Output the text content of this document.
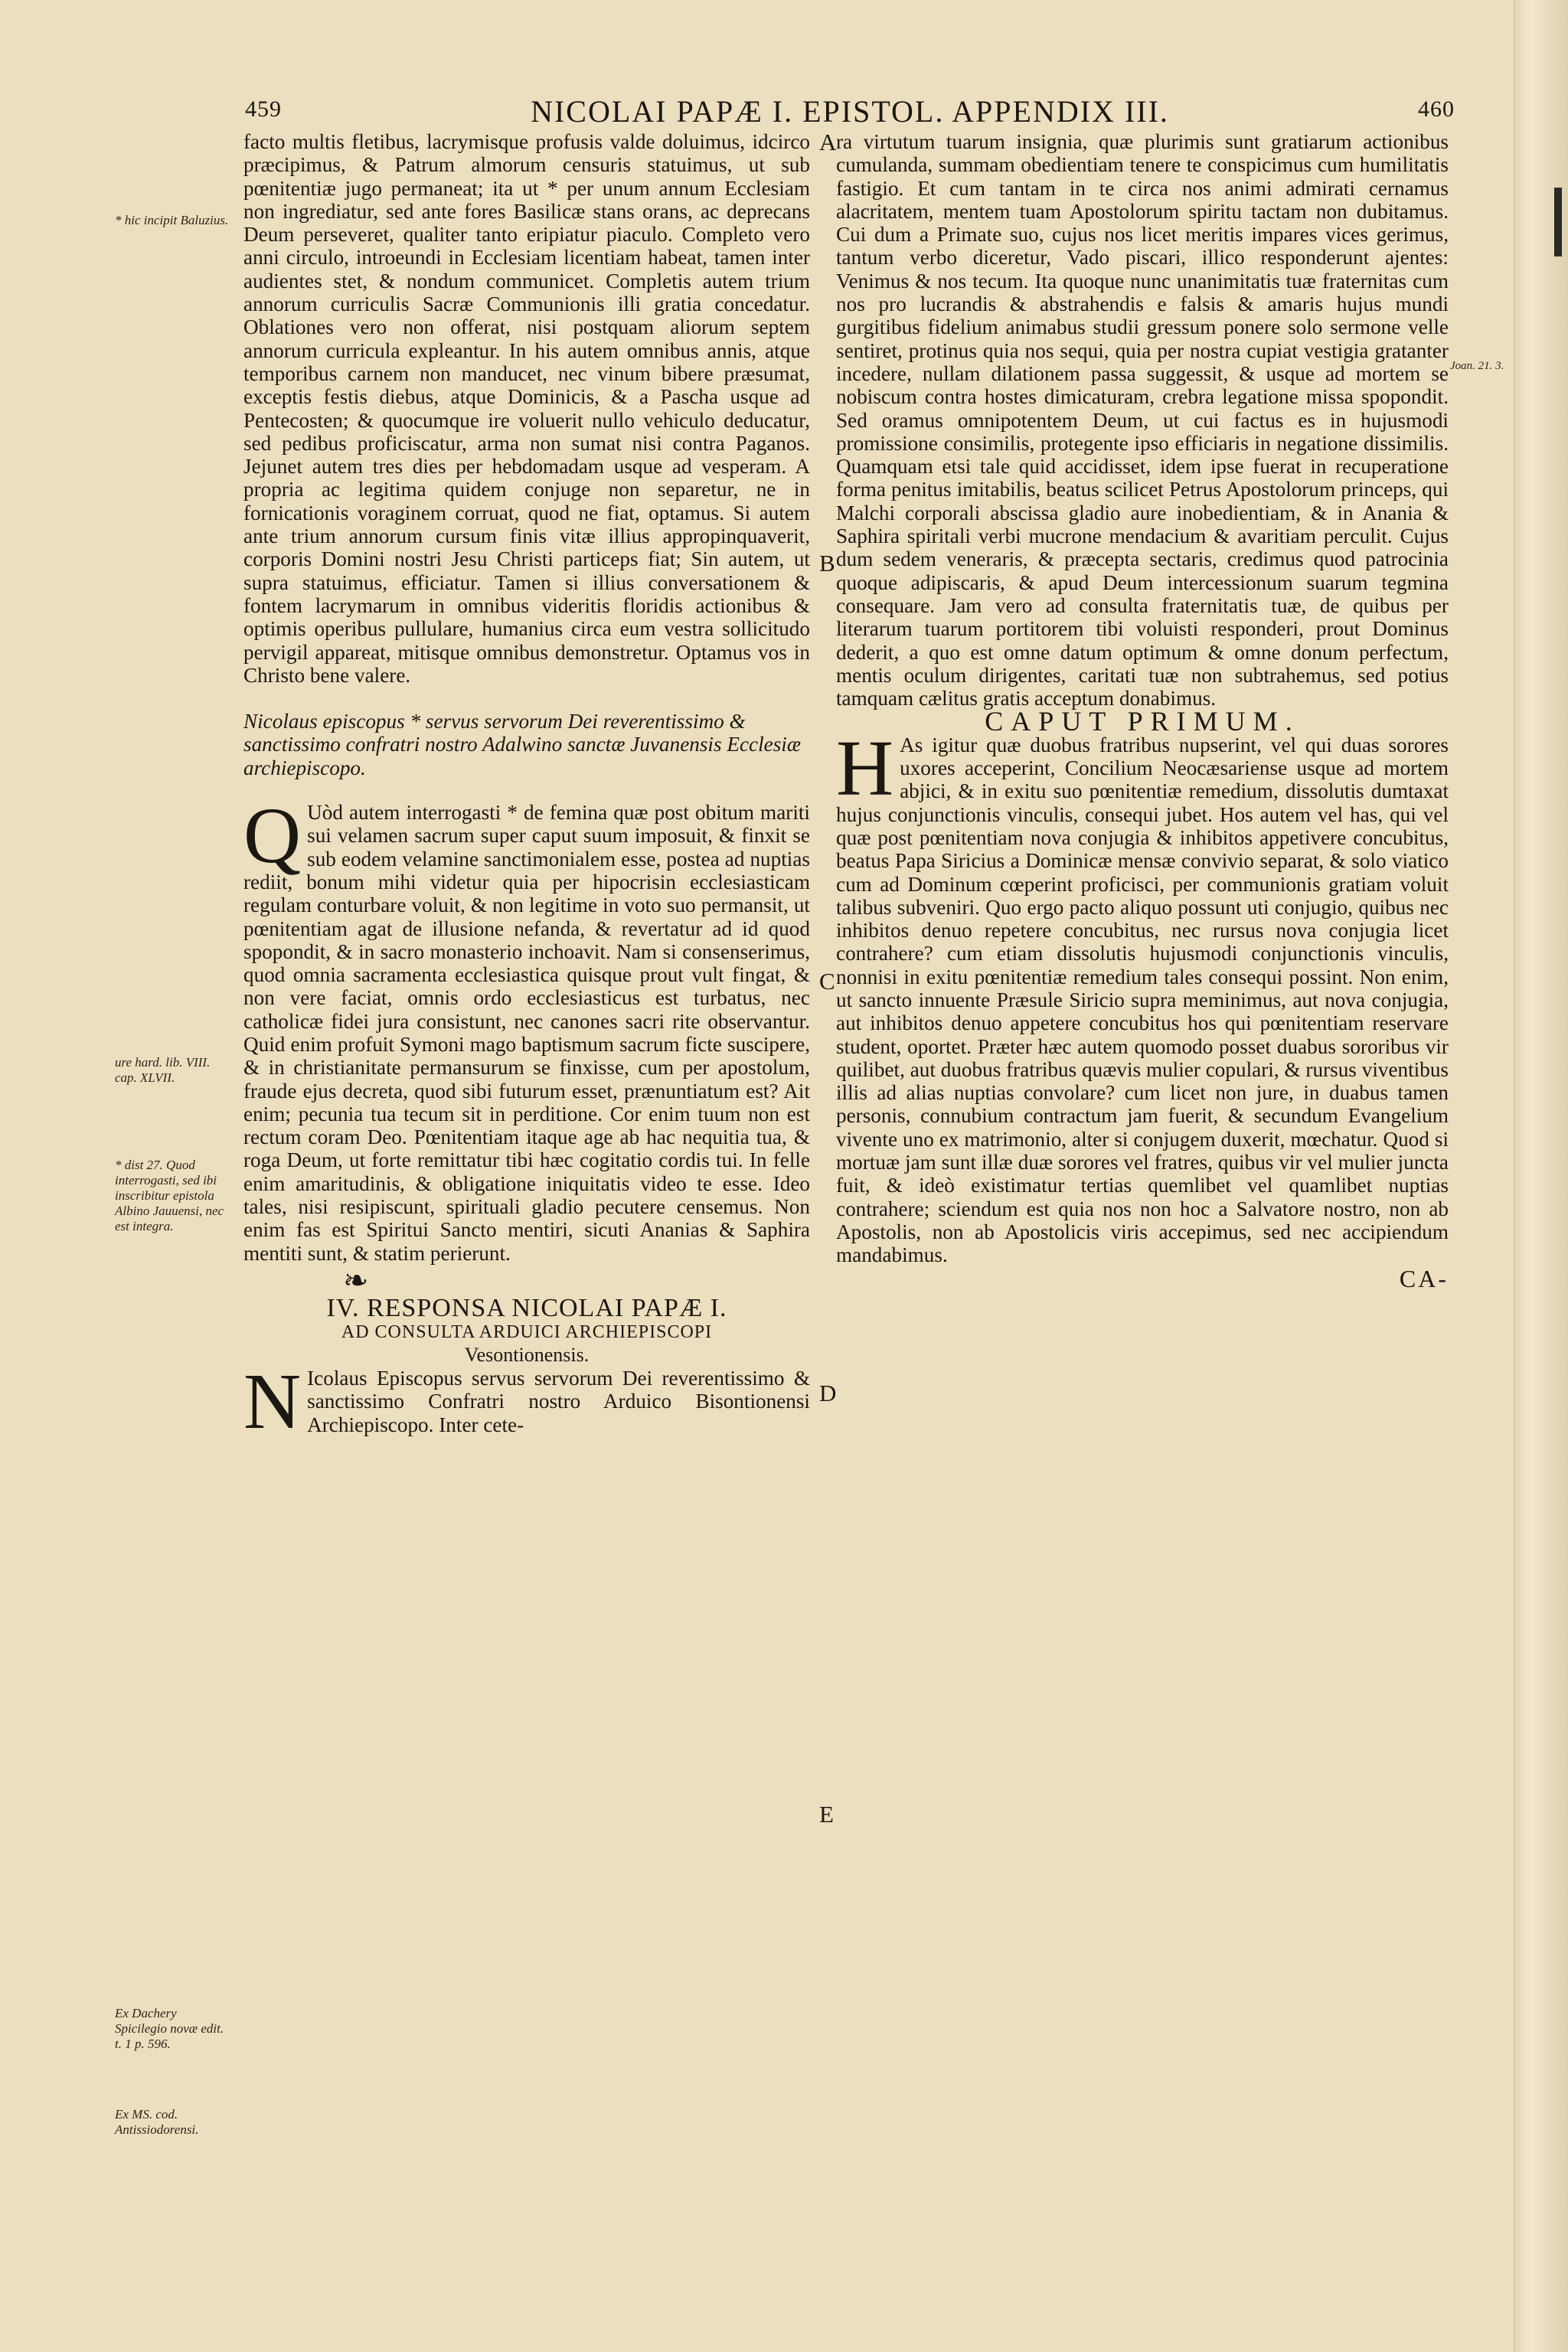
459	NICOLAI PAPÆ I. EPISTOL. APPENDIX III.	460

facto multis fletibus, lacrymisque profusis valde doluimus, idcirco præcipimus, & Patrum almorum censuris statuimus, ut sub pœnitentiæ jugo permaneat; ita ut * per unum annum Ecclesiam non ingrediatur, sed ante fores Basilicæ stans orans, ac deprecans Deum perseveret, qualiter tanto eripiatur piaculo. Completo vero anni circulo, introeundi in Ecclesiam licentiam habeat, tamen inter audientes stet, & nondum communicet. Completis autem trium annorum curriculis Sacræ Communionis illi gratia concedatur. Oblationes vero non offerat, nisi postquam aliorum septem annorum curricula expleantur. In his autem omnibus annis, atque temporibus carnem non manducet, nec vinum bibere præsumat, exceptis festis diebus, atque Dominicis, & a Pascha usque ad Pentecosten; & quocumque ire voluerit nullo vehiculo deducatur, sed pedibus proficiscatur, arma non sumat nisi contra Paganos. Jejunet autem tres dies per hebdomadam usque ad vesperam. A propria ac legitima quidem conjuge non separetur, ne in fornicationis voraginem corruat, quod ne fiat, optamus. Si autem ante trium annorum cursum finis vitæ illius appropinquaverit, corporis Domini nostri Jesu Christi particeps fiat; Sin autem, ut supra statuimus, efficiatur. Tamen si illius conversationem & fontem lacrymarum in omnibus videritis floridis actionibus & optimis operibus pullulare, humanius circa eum vestra sollicitudo pervigil appareat, mitisque omnibus demonstretur. Optamus vos in Christo bene valere.

Nicolaus episcopus * servus servorum Dei reverentissimo & sanctissimo confratri nostro Adalwino sanctæ Juvanensis Ecclesiæ archiepiscopo.

Q Uòd autem interrogasti * de femina quæ post obitum mariti sui velamen sacrum super caput suum imposuit, & finxit se sub eodem velamine sanctimonialem esse, postea ad nuptias rediit, bonum mihi videtur quia per hipocrisin ecclesiasticam regulam conturbare voluit, & non legitime in voto suo permansit, ut pœnitentiam agat de illusione nefanda, & revertatur ad id quod spopondit, & in sacro monasterio inchoavit. Nam si consenserimus, quod omnia sacramenta ecclesiastica quisque prout vult fingat, & non vere faciat, omnis ordo ecclesiasticus est turbatus, nec catholicæ fidei jura consistunt, nec canones sacri rite observantur. Quid enim profuit Symoni mago baptismum sacrum ficte suscipere, & in christianitate permansurum se finxisse, cum per apostolum, fraude ejus decreta, quod sibi futurum esset, prænuntiatum est? Ait enim; pecunia tua tecum sit in perditione. Cor enim tuum non est rectum coram Deo. Pœnitentiam itaque age ab hac nequitia tua, & roga Deum, ut forte remittatur tibi hæc cogitatio cordis tui. In felle enim amaritudinis, & obligatione iniquitatis video te esse. Ideo tales, nisi resipiscunt, spirituali gladio pecutere censemus. Non enim fas est Spiritui Sancto mentiri, sicuti Ananias & Saphira mentiti sunt, & statim perierunt.
❧

IV. RESPONSA NICOLAI PAPÆ I.

AD CONSULTA ARDUICI ARCHIEPISCOPI

Vesontionensis.

N Icolaus Episcopus servus servorum Dei reverentissimo & sanctissimo Confratri nostro Arduico Bisontionensi Archiepiscopo. Inter cete-

ra virtutum tuarum insignia, quæ plurimis sunt gratiarum actionibus cumulanda, summam obedientiam tenere te conspicimus cum humilitatis fastigio. Et cum tantam in te circa nos animi admirati cernamus alacritatem, mentem tuam Apostolorum spiritu tactam non dubitamus. Cui dum a Primate suo, cujus nos licet meritis impares vices gerimus, tantum verbo diceretur, Vado piscari, illico responderunt ajentes: Venimus & nos tecum. Ita quoque nunc unanimitatis tuæ fraternitas cum nos pro lucrandis & abstrahendis e falsis & amaris hujus mundi gurgitibus fidelium animabus studii gressum ponere solo sermone velle sentiret, protinus quia nos sequi, quia per nostra cupiat vestigia gratanter incedere, nullam dilationem passa suggessit, & usque ad mortem se nobiscum contra hostes dimicaturam, crebra legatione missa spopondit. Sed oramus omnipotentem Deum, ut cui factus es in hujusmodi promissione consimilis, protegente ipso efficiaris in negatione dissimilis. Quamquam etsi tale quid accidisset, idem ipse fuerat in recuperatione forma penitus imitabilis, beatus scilicet Petrus Apostolorum princeps, qui Malchi corporali abscissa gladio aure inobedientiam, & in Anania & Saphira spiritali verbi mucrone mendacium & avaritiam perculit. Cujus dum sedem veneraris, & præcepta sectaris, credimus quod patrocinia quoque adipiscaris, & apud Deum intercessionum suarum tegmina consequare. Jam vero ad consulta fraternitatis tuæ, de quibus per literarum tuarum portitorem tibi voluisti responderi, prout Dominus dederit, a quo est omne datum optimum & omne donum perfectum, mentis oculum dirigentes, caritati tuæ non subtrahemus, sed potius tamquam cælitus gratis acceptum donabimus.

CAPUT PRIMUM.

H As igitur quæ duobus fratribus nupserint, vel qui duas sorores uxores acceperint, Concilium Neocæsariense usque ad mortem abjici, & in exitu suo pœnitentiæ remedium, dissolutis dumtaxat hujus conjunctionis vinculis, consequi jubet. Hos autem vel has, qui vel quæ post pœnitentiam nova conjugia & inhibitos appetivere concubitus, beatus Papa Siricius a Dominicæ mensæ convivio separat, & solo viatico cum ad Dominum cœperint proficisci, per communionis gratiam voluit talibus subveniri. Quo ergo pacto aliquo possunt uti conjugio, quibus nec inhibitos denuo repetere concubitus, nec rursus nova conjugia licet contrahere? cum etiam dissolutis hujusmodi conjunctionis vinculis, nonnisi in exitu pœnitentiæ remedium tales consequi possint. Non enim, ut sancto innuente Præsule Siricio supra meminimus, aut nova conjugia, aut inhibitos denuo appetere concubitus hos qui pœnitentiam reservare student, oportet. Præter hæc autem quomodo posset duabus sororibus vir quilibet, aut duobus fratribus quævis mulier copulari, & rursus viventibus illis ad alias nuptias convolare? cum licet non jure, in duabus tamen personis, connubium contractum jam fuerit, & secundum Evangelium vivente uno ex matrimonio, alter si conjugem duxerit, mœchatur. Quod si mortuæ jam sunt illæ duæ sorores vel fratres, quibus vir vel mulier juncta fuit, & ideò existimatur tertias quemlibet vel quamlibet nuptias contrahere; sciendum est quia nos non hoc a Salvatore nostro, non ab Apostolis, non ab Apostolicis viris accepimus, sed nec accipiendum mandabimus.

CA-

A
B
C
D
E
* hic incipit Baluzius.
ure hard. lib. VIII. cap. XLVII.
* dist 27. Quod interrogasti, sed ibi inscribitur epistola Albino Jauuensi, nec est integra.
Ex Dachery Spicilegio novæ edit. t. 1 p. 596.
Ex MS. cod. Antissiodorensi.
Joan. 21. 3.
